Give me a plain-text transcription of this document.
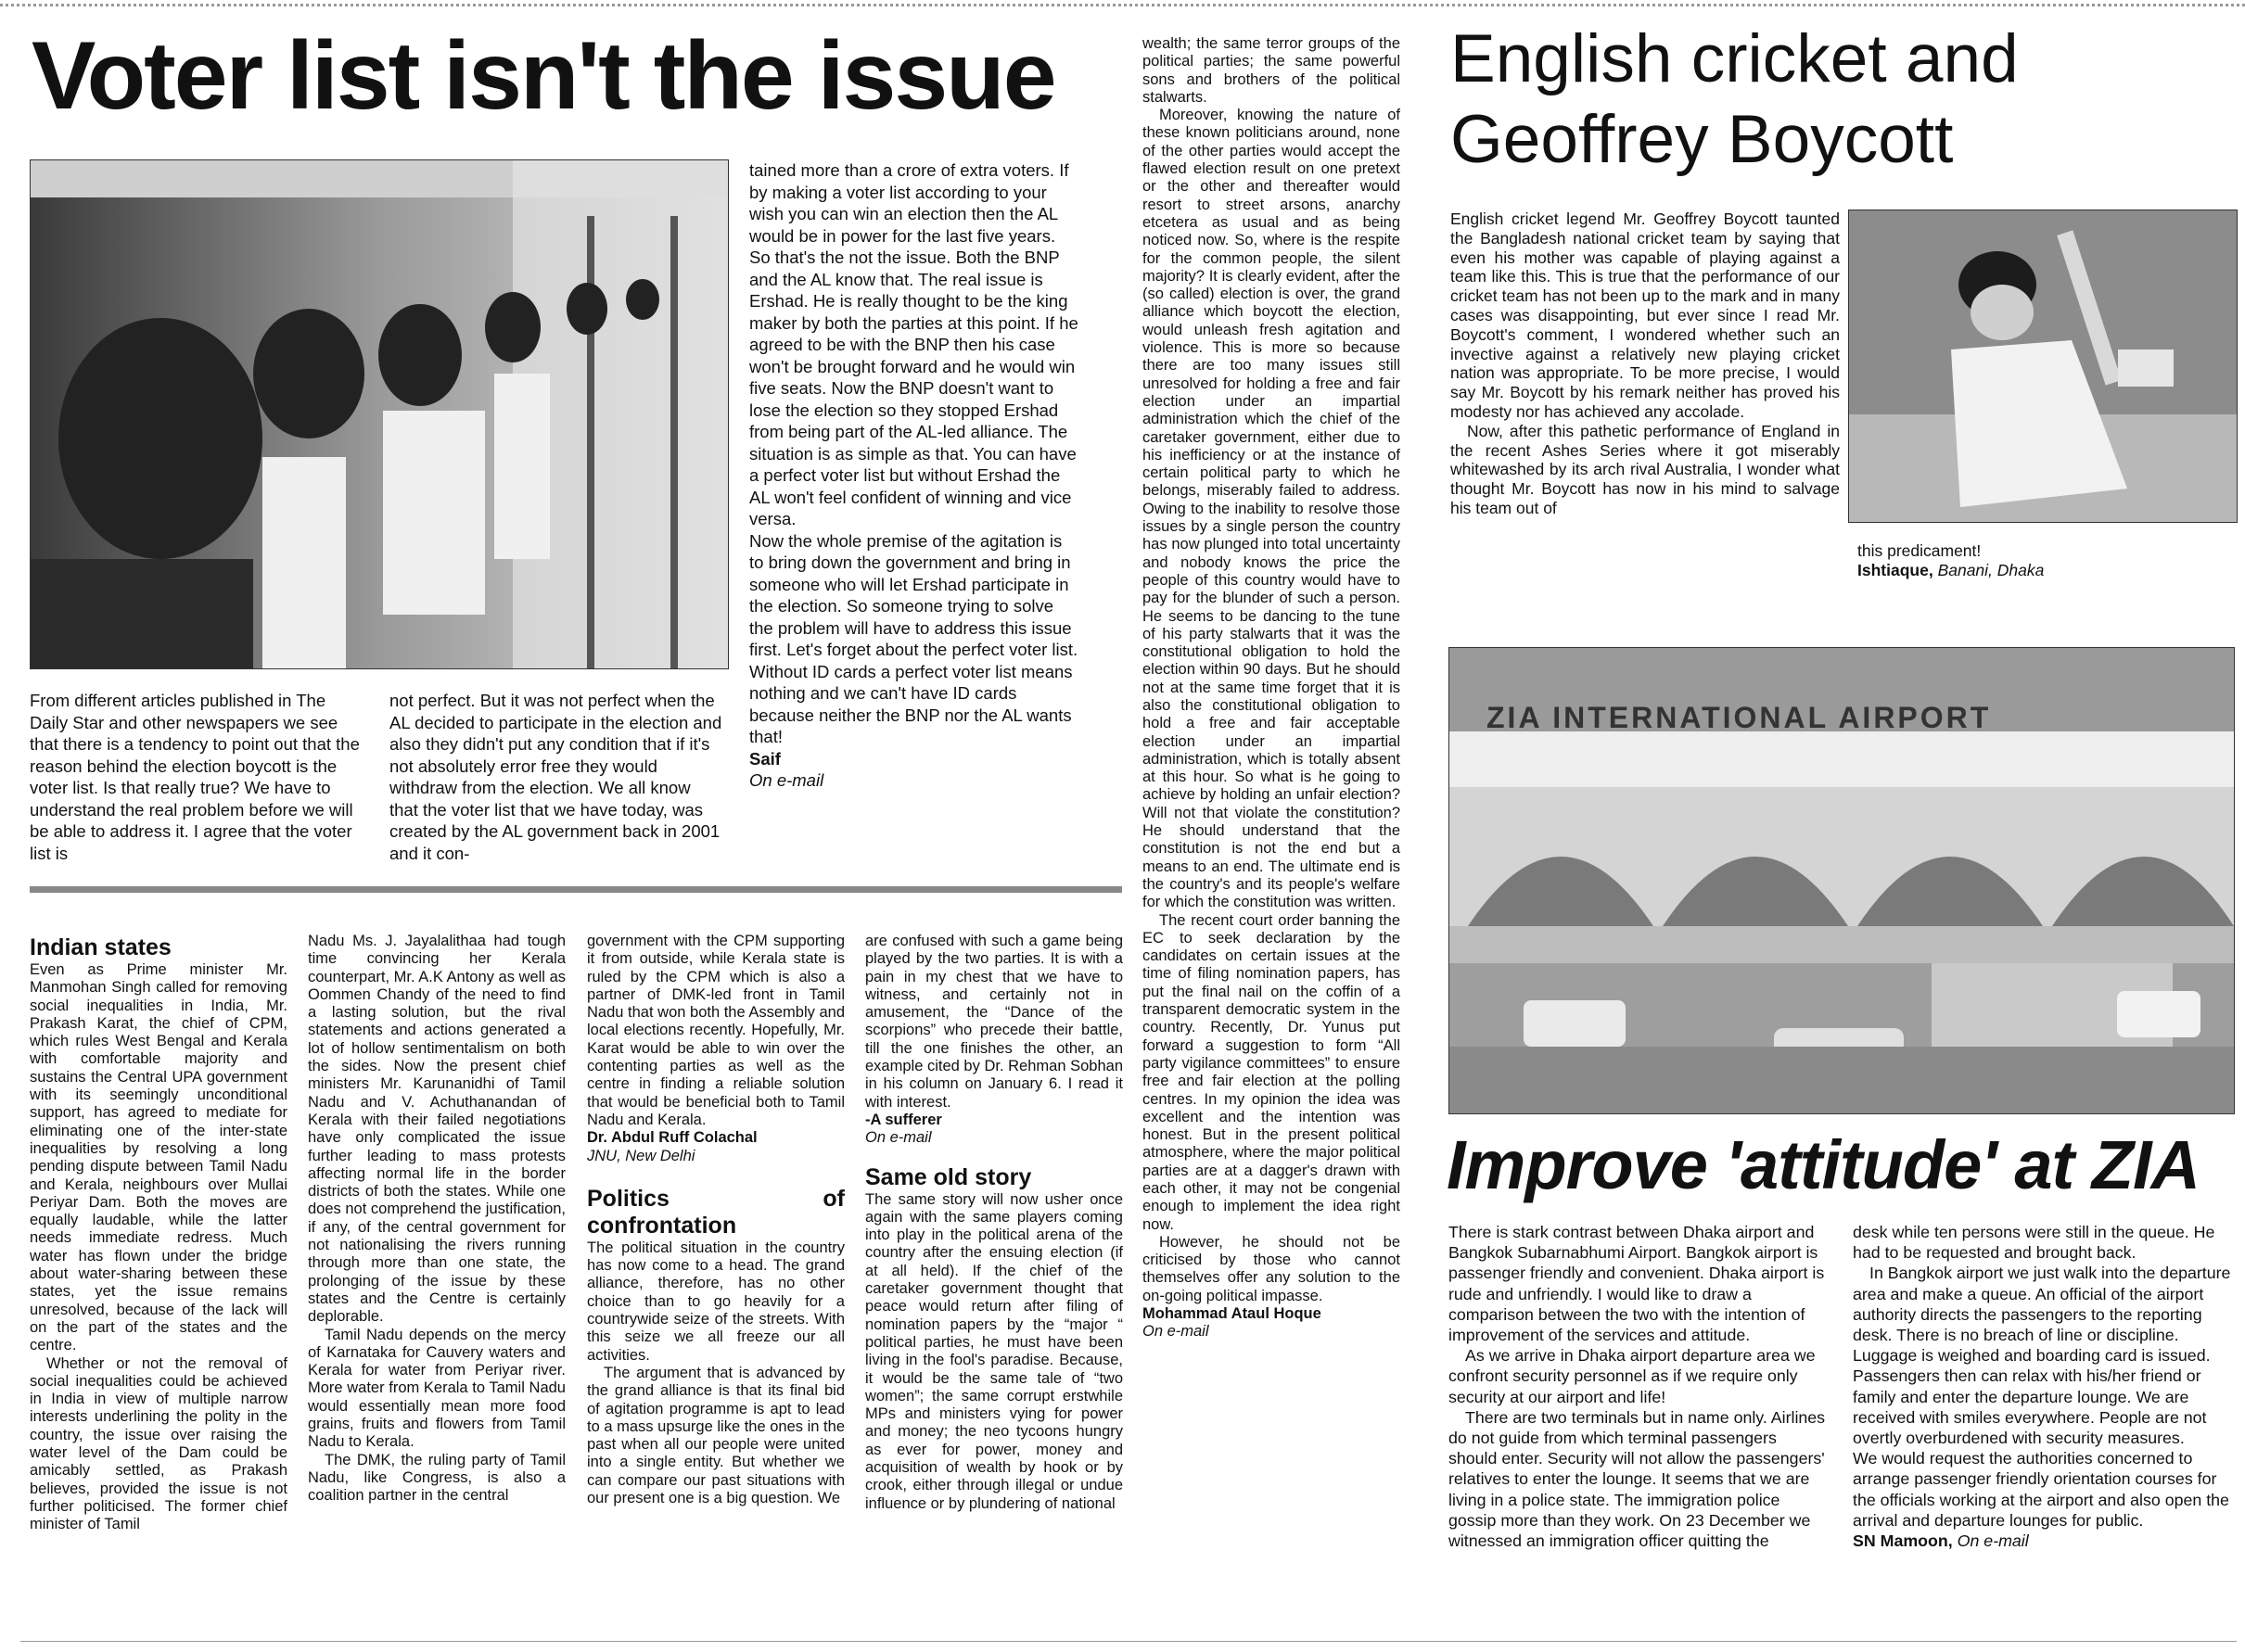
Voter list isn't the issue

From different articles published in The Daily Star and other newspapers we see that there is a tendency to point out that the reason behind the election boycott is the voter list. Is that really true? We have to understand the real problem before we will be able to address it. I agree that the voter list is

not perfect. But it was not perfect when the AL decided to participate in the election and also they didn't put any condition that if it's not absolutely error free they would withdraw from the election. We all know that the voter list that we have today, was created by the AL government back in 2001 and it con-

tained more than a crore of extra voters. If by making a voter list according to your wish you can win an election then the AL would be in power for the last five years. So that's the not the issue. Both the BNP and the AL know that. The real issue is Ershad. He is really thought to be the king maker by both the parties at this point. If he agreed to be with the BNP then his case won't be brought forward and he would win five seats. Now the BNP doesn't want to lose the election so they stopped Ershad from being part of the AL-led alliance. The situation is as simple as that. You can have a perfect voter list but without Ershad the AL won't feel confident of winning and vice versa.

Now the whole premise of the agitation is to bring down the government and bring in someone who will let Ershad participate in the election. So someone trying to solve the problem will have to address this issue first. Let's forget about the perfect voter list. Without ID cards a perfect voter list means nothing and we can't have ID cards because neither the BNP nor the AL wants that!

Saif

On e-mail

wealth; the same terror groups of the political parties; the same powerful sons and brothers of the political stalwarts.

Moreover, knowing the nature of these known politicians around, none of the other parties would accept the flawed election result on one pretext or the other and thereafter would resort to street arsons, anarchy etcetera as usual and as being noticed now. So, where is the respite for the common people, the silent majority? It is clearly evident, after the (so called) election is over, the grand alliance which boycott the election, would unleash fresh agitation and violence. This is more so because there are too many issues still unresolved for holding a free and fair election under an impartial administration which the chief of the caretaker government, either due to his inefficiency or at the instance of certain political party to which he belongs, miserably failed to address. Owing to the inability to resolve those issues by a single person the country has now plunged into total uncertainty and nobody knows the price the people of this country would have to pay for the blunder of such a person. He seems to be dancing to the tune of his party stalwarts that it was the constitutional obligation to hold the election within 90 days. But he should not at the same time forget that it is also the constitutional obligation to hold a free and fair acceptable election under an impartial administration, which is totally absent at this hour. So what is he going to achieve by holding an unfair election? Will not that violate the constitution? He should understand that the constitution is not the end but a means to an end. The ultimate end is the country's and its people's welfare for which the constitution was written.

The recent court order banning the EC to seek declaration by the candidates on certain issues at the time of filing nomination papers, has put the final nail on the coffin of a transparent democratic system in the country. Recently, Dr. Yunus put forward a suggestion to form “All party vigilance committees” to ensure free and fair election at the polling centres. In my opinion the idea was excellent and the intention was honest. But in the present political atmosphere, where the major political parties are at a dagger's drawn with each other, it may not be congenial enough to implement the idea right now.

However, he should not be criticised by those who cannot themselves offer any solution to the on-going political impasse.

Mohammad Ataul Hoque

On e-mail

Indian states

Even as Prime minister Mr. Manmohan Singh called for removing social inequalities in India, Mr. Prakash Karat, the chief of CPM, which rules West Bengal and Kerala with comfortable majority and sustains the Central UPA government with its seemingly unconditional support, has agreed to mediate for eliminating one of the inter-state inequalities by resolving a long pending dispute between Tamil Nadu and Kerala, neighbours over Mullai Periyar Dam. Both the moves are equally laudable, while the latter needs immediate redress. Much water has flown under the bridge about water-sharing between these states, yet the issue remains unresolved, because of the lack will on the part of the states and the centre.

Whether or not the removal of social inequalities could be achieved in India in view of multiple narrow interests underlining the polity in the country, the issue over raising the water level of the Dam could be amicably settled, as Prakash believes, provided the issue is not further politicised. The former chief minister of Tamil

Nadu Ms. J. Jayalalithaa had tough time convincing her Kerala counterpart, Mr. A.K Antony as well as Oommen Chandy of the need to find a lasting solution, but the rival statements and actions generated a lot of hollow sentimentalism on both the sides. Now the present chief ministers Mr. Karunanidhi of Tamil Nadu and V. Achuthanandan of Kerala with their failed negotiations have only complicated the issue further leading to mass protests affecting normal life in the border districts of both the states. While one does not comprehend the justification, if any, of the central government for not nationalising the rivers running through more than one state, the prolonging of the issue by these states and the Centre is certainly deplorable.

Tamil Nadu depends on the mercy of Karnataka for Cauvery waters and Kerala for water from Periyar river. More water from Kerala to Tamil Nadu would essentially mean more food grains, fruits and flowers from Tamil Nadu to Kerala.

The DMK, the ruling party of Tamil Nadu, like Congress, is also a coalition partner in the central

government with the CPM supporting it from outside, while Kerala state is ruled by the CPM which is also a partner of DMK-led front in Tamil Nadu that won both the Assembly and local elections recently. Hopefully, Mr. Karat would be able to win over the contenting parties as well as the centre in finding a reliable solution that would be beneficial both to Tamil Nadu and Kerala.

Dr. Abdul Ruff Colachal

JNU, New Delhi

Politics of confrontation

The political situation in the country has now come to a head. The grand alliance, therefore, has no other choice than to go heavily for a countrywide seize of the streets. With this seize we all freeze our all activities.

The argument that is advanced by the grand alliance is that its final bid of agitation programme is apt to lead to a mass upsurge like the ones in the past when all our people were united into a single entity. But whether we can compare our past situations with our present one is a big question. We

are confused with such a game being played by the two parties. It is with a pain in my chest that we have to witness, and certainly not in amusement, the “Dance of the scorpions” who precede their battle, till the one finishes the other, an example cited by Dr. Rehman Sobhan in his column on January 6. I read it with interest.

-A sufferer

On e-mail

Same old story

The same story will now usher once again with the same players coming into play in the political arena of the country after the ensuing election (if at all held). If the chief of the caretaker government thought that peace would return after filing of nomination papers by the “major “ political parties, he must have been living in the fool's paradise. Because, it would be the same tale of “two women”; the same corrupt erstwhile MPs and ministers vying for power and money; the neo tycoons hungry as ever for power, money and acquisition of wealth by hook or by crook, either through illegal or undue influence or by plundering of national

English cricket and Geoffrey Boycott

English cricket legend Mr. Geoffrey Boycott taunted the Bangladesh national cricket team by saying that even his mother was capable of playing against a team like this. This is true that the performance of our cricket team has not been up to the mark and in many cases was disappointing, but ever since I read Mr. Boycott's comment, I wondered whether such an invective against a relatively new playing cricket nation was appropriate. To be more precise, I would say Mr. Boycott by his remark neither has proved his modesty nor has achieved any accolade.

Now, after this pathetic performance of England in the recent Ashes Series where it got miserably whitewashed by its arch rival Australia, I wonder what thought Mr. Boycott has now in his mind to salvage his team out of

this predicament!

Ishtiaque, Banani, Dhaka

ZIA INTERNATIONAL AIRPORT
Improve 'attitude' at ZIA

There is stark contrast between Dhaka airport and Bangkok Subarnabhumi Airport. Bangkok airport is passenger friendly and convenient. Dhaka airport is rude and unfriendly. I would like to draw a comparison between the two with the intention of improvement of the services and attitude.

As we arrive in Dhaka airport departure area we confront security personnel as if we require only security at our airport and life!

There are two terminals but in name only. Airlines do not guide from which terminal passengers should enter. Security will not allow the passengers' relatives to enter the lounge. It seems that we are living in a police state. The immigration police gossip more than they work. On 23 December we witnessed an immigration officer quitting the

desk while ten persons were still in the queue. He had to be requested and brought back.

In Bangkok airport we just walk into the departure area and make a queue. An official of the airport authority directs the passengers to the reporting desk. There is no breach of line or discipline. Luggage is weighed and boarding card is issued. Passengers then can relax with his/her friend or family and enter the departure lounge. We are received with smiles everywhere. People are not overtly overburdened with security measures.

We would request the authorities concerned to arrange passenger friendly orientation courses for the officials working at the airport and also open the arrival and departure lounges for public.

SN Mamoon, On e-mail
